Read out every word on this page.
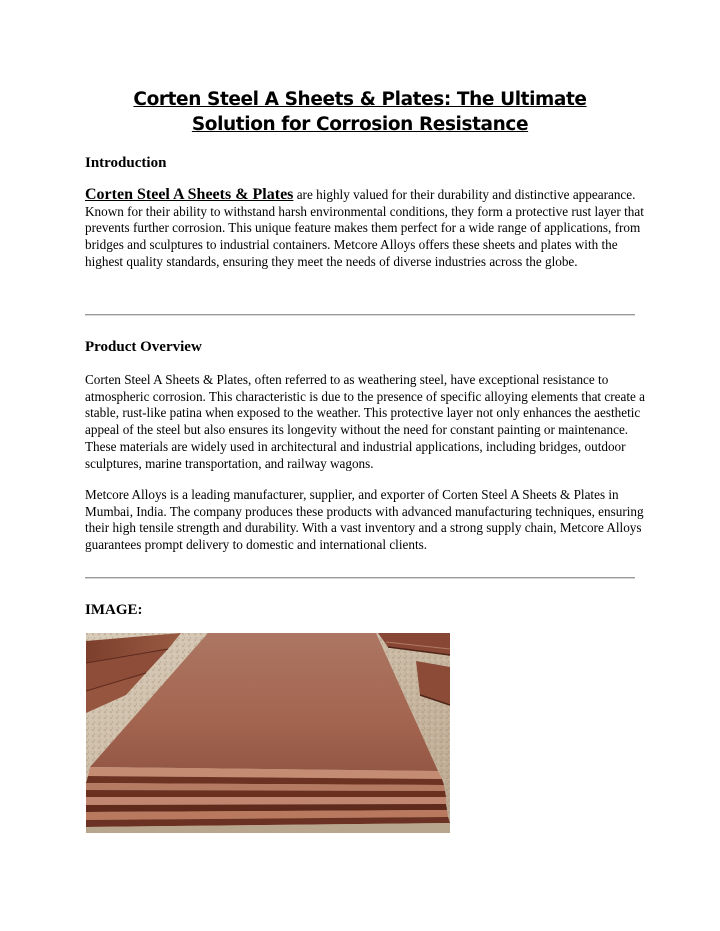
Corten Steel A Sheets & Plates: The Ultimate Solution for Corrosion Resistance
Introduction
Corten Steel A Sheets & Plates are highly valued for their durability and distinctive appearance. Known for their ability to withstand harsh environmental conditions, they form a protective rust layer that prevents further corrosion. This unique feature makes them perfect for a wide range of applications, from bridges and sculptures to industrial containers. Metcore Alloys offers these sheets and plates with the highest quality standards, ensuring they meet the needs of diverse industries across the globe.
Product Overview
Corten Steel A Sheets & Plates, often referred to as weathering steel, have exceptional resistance to atmospheric corrosion. This characteristic is due to the presence of specific alloying elements that create a stable, rust-like patina when exposed to the weather. This protective layer not only enhances the aesthetic appeal of the steel but also ensures its longevity without the need for constant painting or maintenance. These materials are widely used in architectural and industrial applications, including bridges, outdoor sculptures, marine transportation, and railway wagons.
Metcore Alloys is a leading manufacturer, supplier, and exporter of Corten Steel A Sheets & Plates in Mumbai, India. The company produces these products with advanced manufacturing techniques, ensuring their high tensile strength and durability. With a vast inventory and a strong supply chain, Metcore Alloys guarantees prompt delivery to domestic and international clients.
IMAGE:
